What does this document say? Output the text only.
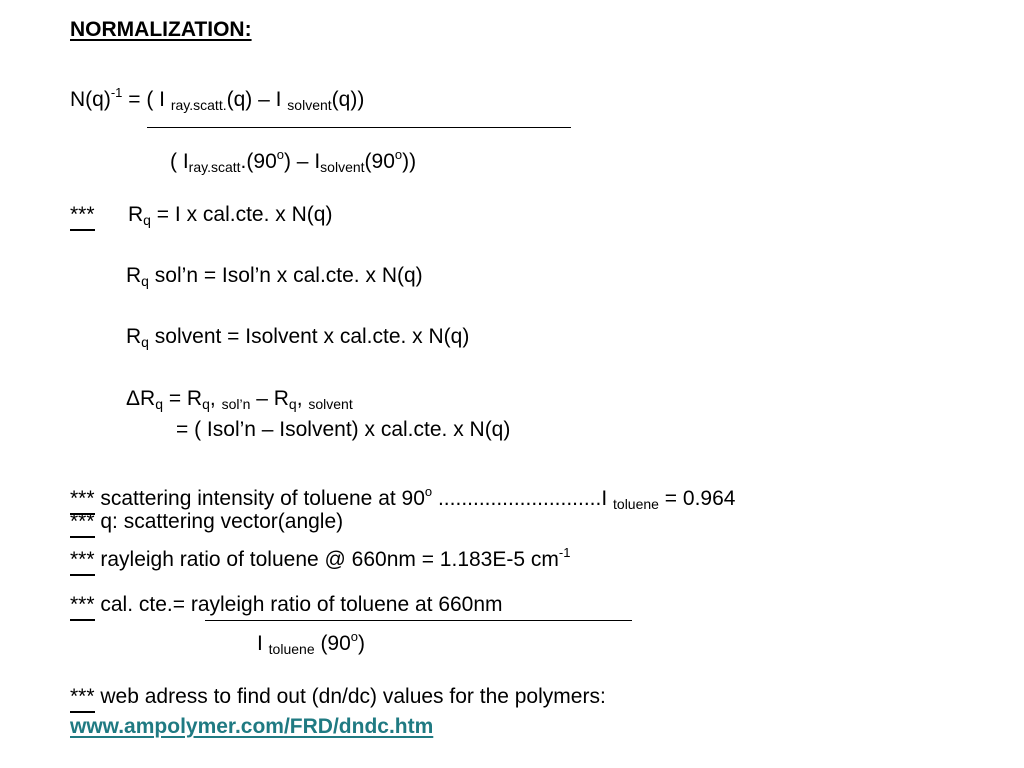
NORMALIZATION:
$N(q)^{-1}$ = ( I $_{ray.scatt.}$(q) – I $_{solvent}$(q))
( $I_{ray.scatt}.(90^o) - I_{solvent}(90^o)$)
*** $R_q = I$ x cal.cte. x N(q)
$R_q$ sol’n = Isol’n x cal.cte. x N(q)
$R_q$ solvent = Isolvent x cal.cte. x N(q)
$\Delta R_q = R_q$, $_{sol’n} - R_q$, $_{solvent}$
= ( Isol’n – Isolvent) x cal.cte. x N(q)
*** scattering intensity of toluene at 90$^o$ ............................I $_{toluene}$ = 0.964
*** q: scattering vector(angle)
*** rayleigh ratio of toluene @ 660nm = 1.183E-5 $cm^{-1}$
*** cal. cte.= rayleigh ratio of toluene at 660nm
I $_{toluene}$ (90$^o$)
*** web adress to find out (dn/dc) values for the polymers:
www.ampolymer.com/FRD/dndc.htm
